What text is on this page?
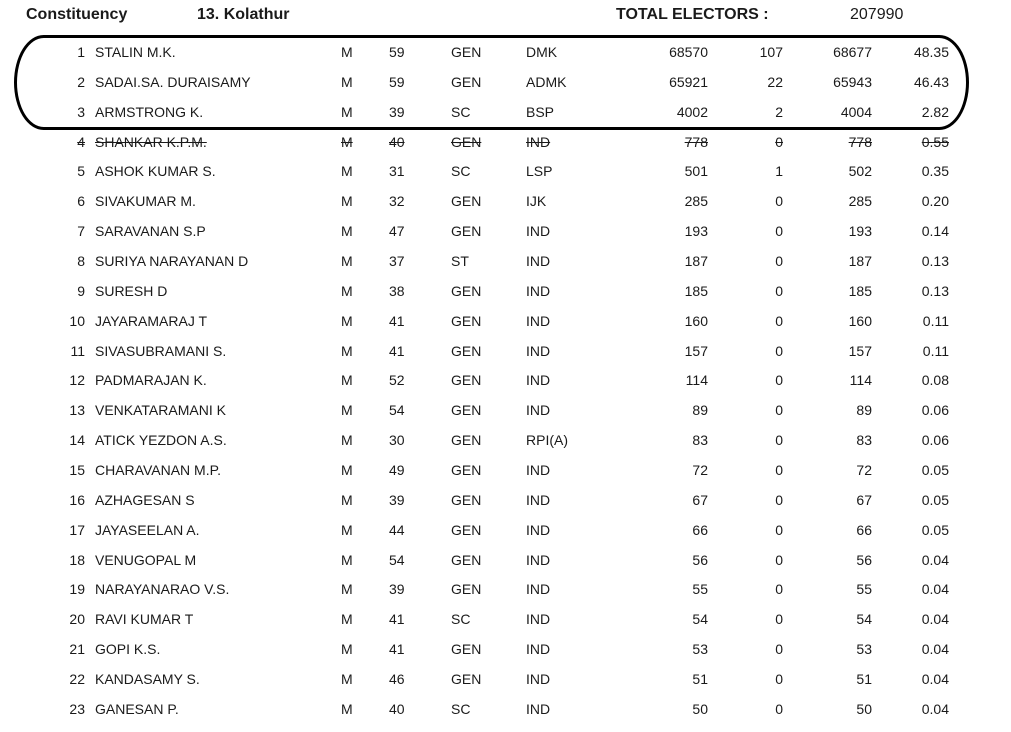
Constituency	13. Kolathur	TOTAL ELECTORS :	207990
1 STALIN M.K.	M	59	GEN	DMK	68570	107	68677	48.35
2 SADAI.SA. DURAISAMY	M	59	GEN	ADMK	65921	22	65943	46.43
3 ARMSTRONG K.	M	39	SC	BSP	4002	2	4004	2.82
4 SHANKAR K.P.M.	M	40	GEN	IND	778	0	778	0.55
5 ASHOK KUMAR S.	M	31	SC	LSP	501	1	502	0.35
6 SIVAKUMAR M.	M	32	GEN	IJK	285	0	285	0.20
7 SARAVANAN S.P	M	47	GEN	IND	193	0	193	0.14
8 SURIYA NARAYANAN D	M	37	ST	IND	187	0	187	0.13
9 SURESH D	M	38	GEN	IND	185	0	185	0.13
10 JAYARAMARAJ T	M	41	GEN	IND	160	0	160	0.11
11 SIVASUBRAMANI S.	M	41	GEN	IND	157	0	157	0.11
12 PADMARAJAN K.	M	52	GEN	IND	114	0	114	0.08
13 VENKATARAMANI K	M	54	GEN	IND	89	0	89	0.06
14 ATICK YEZDON A.S.	M	30	GEN	RPI(A)	83	0	83	0.06
15 CHARAVANAN M.P.	M	49	GEN	IND	72	0	72	0.05
16 AZHAGESAN S	M	39	GEN	IND	67	0	67	0.05
17 JAYASEELAN A.	M	44	GEN	IND	66	0	66	0.05
18 VENUGOPAL M	M	54	GEN	IND	56	0	56	0.04
19 NARAYANARAO V.S.	M	39	GEN	IND	55	0	55	0.04
20 RAVI KUMAR T	M	41	SC	IND	54	0	54	0.04
21 GOPI K.S.	M	41	GEN	IND	53	0	53	0.04
22 KANDASAMY S.	M	46	GEN	IND	51	0	51	0.04
23 GANESAN P.	M	40	SC	IND	50	0	50	0.04
